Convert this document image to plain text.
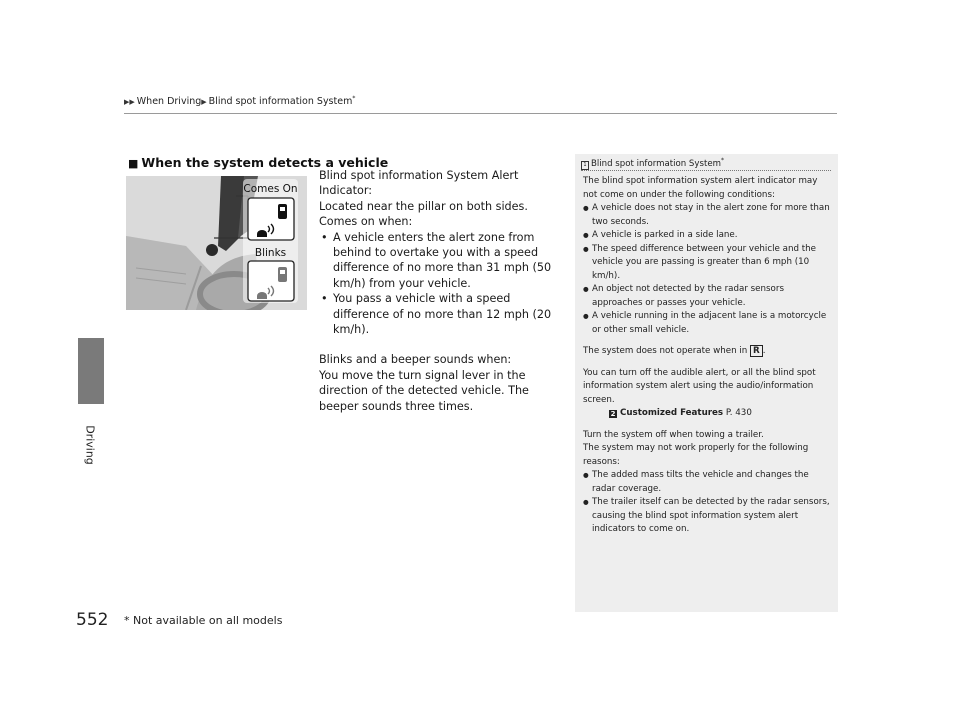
▶▶ When Driving▶ Blind spot information System*
Driving
■ When the system detects a vehicle
Comes On
Blinks

Blind spot information System Alert Indicator:

Located near the pillar on both sides.

Comes on when:

• A vehicle enters the alert zone from behind to overtake you with a speed difference of no more than 31 mph (50 km/h) from your vehicle.
• You pass a vehicle with a speed difference of no more than 12 mph (20 km/h).

Blinks and a beeper sounds when:

You move the turn signal lever in the direction of the detected vehicle. The beeper sounds three times.

1 Blind spot information System*

The blind spot information system alert indicator may not come on under the following conditions:

● A vehicle does not stay in the alert zone for more than two seconds.
● A vehicle is parked in a side lane.
● The speed difference between your vehicle and the vehicle you are passing is greater than 6 mph (10 km/h).
● An object not detected by the radar sensors approaches or passes your vehicle.
● A vehicle running in the adjacent lane is a motorcycle or other small vehicle.

The system does not operate when in R .

You can turn off the audible alert, or all the blind spot information system alert using the audio/information screen.

2 Customized Features P. 430

Turn the system off when towing a trailer.

The system may not work properly for the following reasons:

● The added mass tilts the vehicle and changes the radar coverage.
● The trailer itself can be detected by the radar sensors, causing the blind spot information system alert indicators to come on.
552 * Not available on all models
